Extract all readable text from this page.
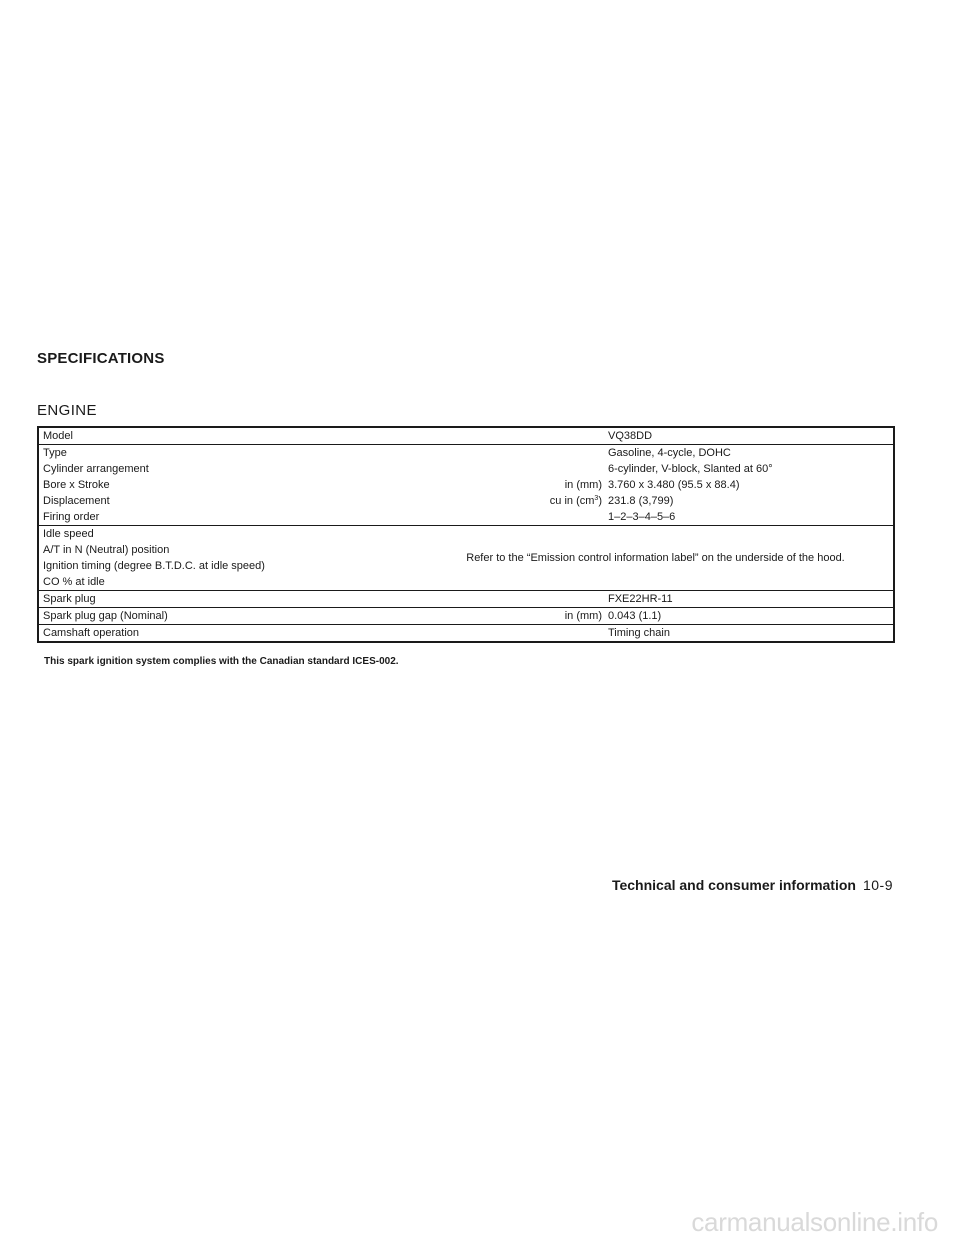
SPECIFICATIONS
ENGINE
Model		VQ38DD
Type		Gasoline, 4-cycle, DOHC
Cylinder arrangement		6-cylinder, V-block, Slanted at 60°
Bore x Stroke	in (mm)	3.760 x 3.480 (95.5 x 88.4)
Displacement	cu in $(cm^3)$	231.8 (3,799)
Firing order		1–2–3–4–5–6
Idle speed	Refer to the “Emission control information label” on the underside of the hood.	
A/T in N (Neutral) position		
Ignition timing (degree B.T.D.C. at idle speed)		
CO % at idle		
Spark plug		FXE22HR-11
Spark plug gap (Nominal)	in (mm)	0.043 (1.1)
Camshaft operation		Timing chain

This spark ignition system complies with the Canadian standard ICES-002.

Technical and consumer information 10-9
carmanualsonline.info
